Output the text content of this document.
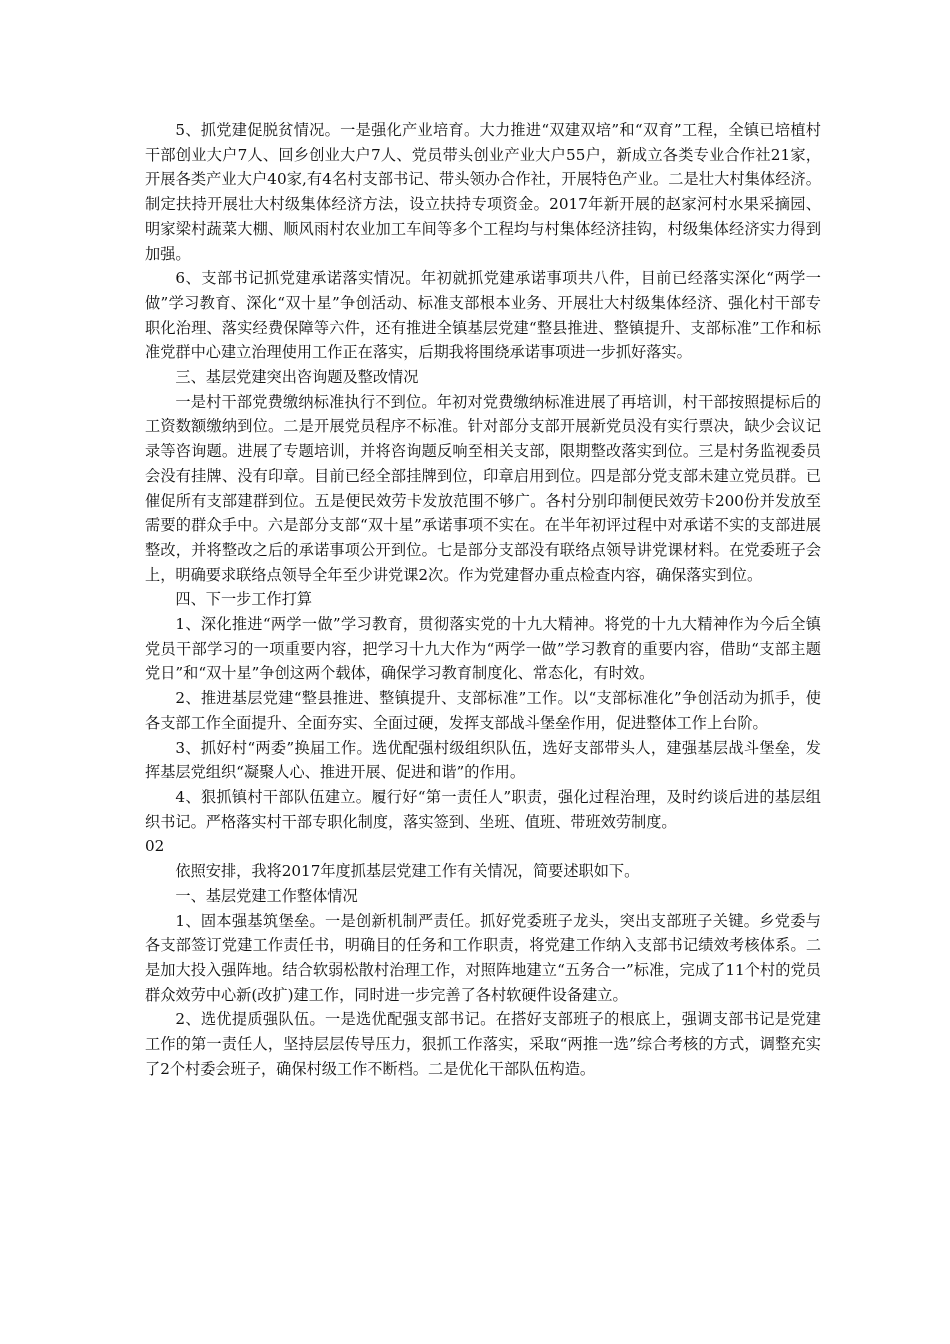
5、抓党建促脱贫情况。一是强化产业培育。大力推进“双建双培”和“双育”工程，全镇已培植村干部创业大户7人、回乡创业大户7人、党员带头创业产业大户55户，新成立各类专业合作社21家，开展各类产业大户40家,有4名村支部书记、带头领办合作社，开展特色产业。二是壮大村集体经济。制定扶持开展壮大村级集体经济方法，设立扶持专项资金。2017年新开展的赵家河村水果采摘园、明家梁村蔬菜大棚、顺风雨村农业加工车间等多个工程均与村集体经济挂钩，村级集体经济实力得到加强。

6、支部书记抓党建承诺落实情况。年初就抓党建承诺事项共八件，目前已经落实深化“两学一做”学习教育、深化“双十星”争创活动、标准支部根本业务、开展壮大村级集体经济、强化村干部专职化治理、落实经费保障等六件，还有推进全镇基层党建“整县推进、整镇提升、支部标准”工作和标准党群中心建立治理使用工作正在落实，后期我将围绕承诺事项进一步抓好落实。

三、基层党建突出咨询题及整改情况

一是村干部党费缴纳标准执行不到位。年初对党费缴纳标准进展了再培训，村干部按照提标后的工资数额缴纳到位。二是开展党员程序不标准。针对部分支部开展新党员没有实行票决，缺少会议记录等咨询题。进展了专题培训，并将咨询题反响至相关支部，限期整改落实到位。三是村务监视委员会没有挂牌、没有印章。目前已经全部挂牌到位，印章启用到位。四是部分党支部未建立党员群。已催促所有支部建群到位。五是便民效劳卡发放范围不够广。各村分别印制便民效劳卡200份并发放至需要的群众手中。六是部分支部“双十星”承诺事项不实在。在半年初评过程中对承诺不实的支部进展整改，并将整改之后的承诺事项公开到位。七是部分支部没有联络点领导讲党课材料。在党委班子会上，明确要求联络点领导全年至少讲党课2次。作为党建督办重点检查内容，确保落实到位。

四、下一步工作打算

1、深化推进“两学一做”学习教育，贯彻落实党的十九大精神。将党的十九大精神作为今后全镇党员干部学习的一项重要内容，把学习十九大作为“两学一做”学习教育的重要内容，借助“支部主题党日”和“双十星”争创这两个载体，确保学习教育制度化、常态化，有时效。

2、推进基层党建“整县推进、整镇提升、支部标准”工作。以“支部标准化”争创活动为抓手，使各支部工作全面提升、全面夯实、全面过硬，发挥支部战斗堡垒作用，促进整体工作上台阶。

3、抓好村“两委”换届工作。选优配强村级组织队伍，选好支部带头人，建强基层战斗堡垒，发挥基层党组织“凝聚人心、推进开展、促进和谐”的作用。

4、狠抓镇村干部队伍建立。履行好“第一责任人”职责，强化过程治理，及时约谈后进的基层组织书记。严格落实村干部专职化制度，落实签到、坐班、值班、带班效劳制度。

02

依照安排，我将2017年度抓基层党建工作有关情况，简要述职如下。

一、基层党建工作整体情况

1、固本强基筑堡垒。一是创新机制严责任。抓好党委班子龙头，突出支部班子关键。乡党委与各支部签订党建工作责任书，明确目的任务和工作职责，将党建工作纳入支部书记绩效考核体系。二是加大投入强阵地。结合软弱松散村治理工作，对照阵地建立“五务合一”标准，完成了11个村的党员群众效劳中心新(改扩)建工作，同时进一步完善了各村软硬件设备建立。

2、选优提质强队伍。一是选优配强支部书记。在搭好支部班子的根底上，强调支部书记是党建工作的第一责任人，坚持层层传导压力，狠抓工作落实，采取“两推一选”综合考核的方式，调整充实了2个村委会班子，确保村级工作不断档。二是优化干部队伍构造。
